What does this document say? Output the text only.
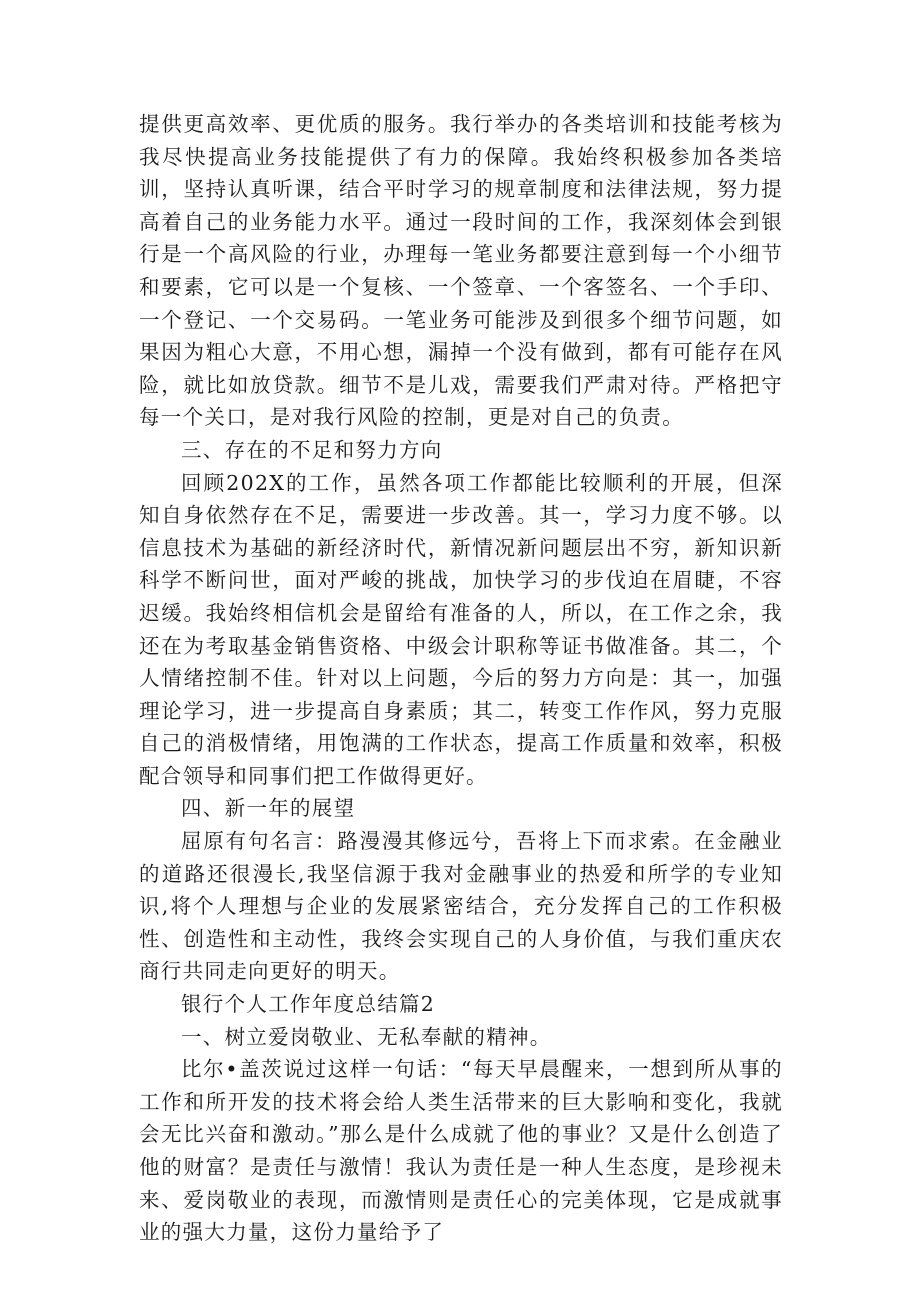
提供更高效率、更优质的服务。我行举办的各类培训和技能考核为我尽快提高业务技能提供了有力的保障。我始终积极参加各类培训，坚持认真听课，结合平时学习的规章制度和法律法规，努力提高着自己的业务能力水平。通过一段时间的工作，我深刻体会到银行是一个高风险的行业，办理每一笔业务都要注意到每一个小细节和要素，它可以是一个复核、一个签章、一个客签名、一个手印、一个登记、一个交易码。一笔业务可能涉及到很多个细节问题，如果因为粗心大意，不用心想，漏掉一个没有做到，都有可能存在风险，就比如放贷款。细节不是儿戏，需要我们严肃对待。严格把守每一个关口，是对我行风险的控制，更是对自己的负责。

三、存在的不足和努力方向

回顾202X的工作，虽然各项工作都能比较顺利的开展，但深知自身依然存在不足，需要进一步改善。其一，学习力度不够。以信息技术为基础的新经济时代，新情况新问题层出不穷，新知识新科学不断问世，面对严峻的挑战，加快学习的步伐迫在眉睫，不容迟缓。我始终相信机会是留给有准备的人，所以，在工作之余，我还在为考取基金销售资格、中级会计职称等证书做准备。其二，个人情绪控制不佳。针对以上问题，今后的努力方向是：其一，加强理论学习，进一步提高自身素质；其二，转变工作作风，努力克服自己的消极情绪，用饱满的工作状态，提高工作质量和效率，积极配合领导和同事们把工作做得更好。

四、新一年的展望

屈原有句名言：路漫漫其修远兮，吾将上下而求索。在金融业的道路还很漫长,我坚信源于我对金融事业的热爱和所学的专业知识,将个人理想与企业的发展紧密结合，充分发挥自己的工作积极性、创造性和主动性，我终会实现自己的人身价值，与我们重庆农商行共同走向更好的明天。

银行个人工作年度总结篇2

一、树立爱岗敬业、无私奉献的精神。

比尔•盖茨说过这样一句话：“每天早晨醒来，一想到所从事的工作和所开发的技术将会给人类生活带来的巨大影响和变化，我就会无比兴奋和激动。”那么是什么成就了他的事业？又是什么创造了他的财富？是责任与激情！我认为责任是一种人生态度，是珍视未来、爱岗敬业的表现，而激情则是责任心的完美体现，它是成就事业的强大力量，这份力量给予了
